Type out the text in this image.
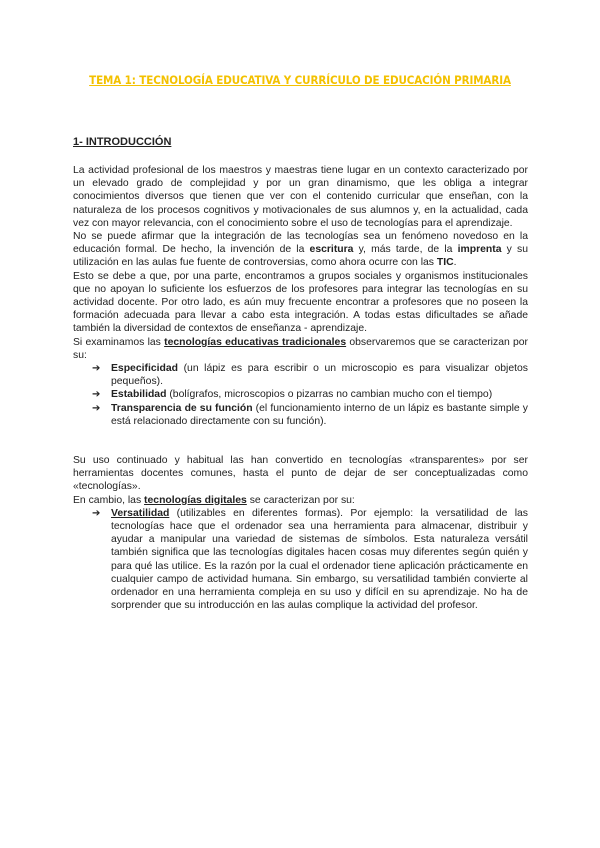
TEMA 1: TECNOLOGÍA EDUCATIVA Y CURRÍCULO DE EDUCACIÓN PRIMARIA
1- INTRODUCCIÓN

La actividad profesional de los maestros y maestras tiene lugar en un contexto caracterizado por un elevado grado de complejidad y por un gran dinamismo, que les obliga a integrar conocimientos diversos que tienen que ver con el contenido curricular que enseñan, con la naturaleza de los procesos cognitivos y motivacionales de sus alumnos y, en la actualidad, cada vez con mayor relevancia, con el conocimiento sobre el uso de tecnologías para el aprendizaje.

No se puede afirmar que la integración de las tecnologías sea un fenómeno novedoso en la educación formal. De hecho, la invención de la escritura y, más tarde, de la imprenta y su utilización en las aulas fue fuente de controversias, como ahora ocurre con las TIC.

Esto se debe a que, por una parte, encontramos a grupos sociales y organismos institucionales que no apoyan lo suficiente los esfuerzos de los profesores para integrar las tecnologías en su actividad docente. Por otro lado, es aún muy frecuente encontrar a profesores que no poseen la formación adecuada para llevar a cabo esta integración. A todas estas dificultades se añade también la diversidad de contextos de enseñanza - aprendizaje.

Si examinamos las tecnologías educativas tradicionales observaremos que se caracterizan por su:

➔ Especificidad (un lápiz es para escribir o un microscopio es para visualizar objetos pequeños).
➔ Estabilidad (bolígrafos, microscopios o pizarras no cambian mucho con el tiempo)
➔ Transparencia de su función (el funcionamiento interno de un lápiz es bastante simple y está relacionado directamente con su función).

Su uso continuado y habitual las han convertido en tecnologías «transparentes» por ser herramientas docentes comunes, hasta el punto de dejar de ser conceptualizadas como «tecnologías».

En cambio, las tecnologías digitales se caracterizan por su:

➔ Versatilidad (utilizables en diferentes formas). Por ejemplo: la versatilidad de las tecnologías hace que el ordenador sea una herramienta para almacenar, distribuir y ayudar a manipular una variedad de sistemas de símbolos. Esta naturaleza versátil también significa que las tecnologías digitales hacen cosas muy diferentes según quién y para qué las utilice. Es la razón por la cual el ordenador tiene aplicación prácticamente en cualquier campo de actividad humana. Sin embargo, su versatilidad también convierte al ordenador en una herramienta compleja en su uso y difícil en su aprendizaje. No ha de sorprender que su introducción en las aulas complique la actividad del profesor.
